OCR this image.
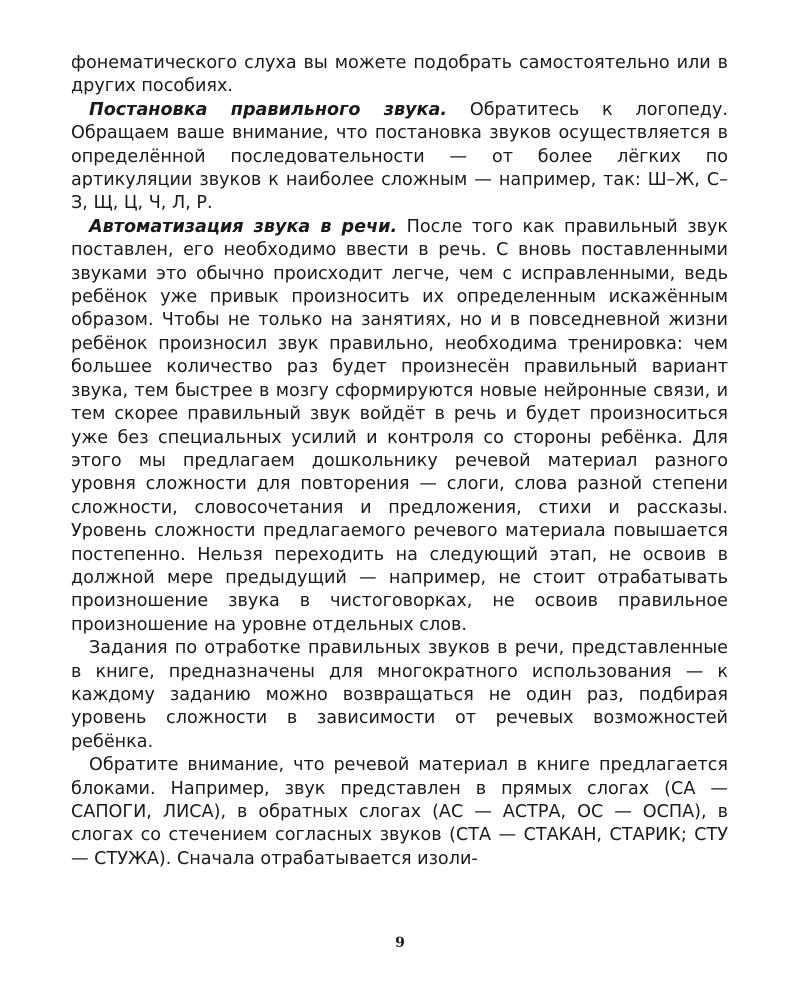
фонематического слуха вы можете подобрать самостоятельно или в других пособиях.

Постановка правильного звука. Обратитесь к логопеду. Обращаем ваше внимание, что постановка звуков осуществляется в определённой последовательности — от более лёгких по артикуляции звуков к наиболее сложным — например, так: Ш–Ж, С–З, Щ, Ц, Ч, Л, Р.

Автоматизация звука в речи. После того как правильный звук поставлен, его необходимо ввести в речь. С вновь поставленными звуками это обычно происходит легче, чем с исправленными, ведь ребёнок уже привык произносить их определенным искажённым образом. Чтобы не только на занятиях, но и в повседневной жизни ребёнок произносил звук правильно, необходима тренировка: чем большее количество раз будет произнесён правильный вариант звука, тем быстрее в мозгу сформируются новые нейронные связи, и тем скорее правильный звук войдёт в речь и будет произноситься уже без специальных усилий и контроля со стороны ребёнка. Для этого мы предлагаем дошкольнику речевой материал разного уровня сложности для повторения — слоги, слова разной степени сложности, словосочетания и предложения, стихи и рассказы. Уровень сложности предлагаемого речевого материала повышается постепенно. Нельзя переходить на следующий этап, не освоив в должной мере предыдущий — например, не стоит отрабатывать произношение звука в чистоговорках, не освоив правильное произношение на уровне отдельных слов.

Задания по отработке правильных звуков в речи, представленные в книге, предназначены для многократного использования — к каждому заданию можно возвращаться не один раз, подбирая уровень сложности в зависимости от речевых возможностей ребёнка.

Обратите внимание, что речевой материал в книге предлагается блоками. Например, звук представлен в прямых слогах (СА — САПОГИ, ЛИСА), в обратных слогах (АС — АСТРА, ОС — ОСПА), в слогах со стечением согласных звуков (СТА — СТАКАН, СТАРИК; СТУ — СТУЖА). Сначала отрабатывается изоли-

9
